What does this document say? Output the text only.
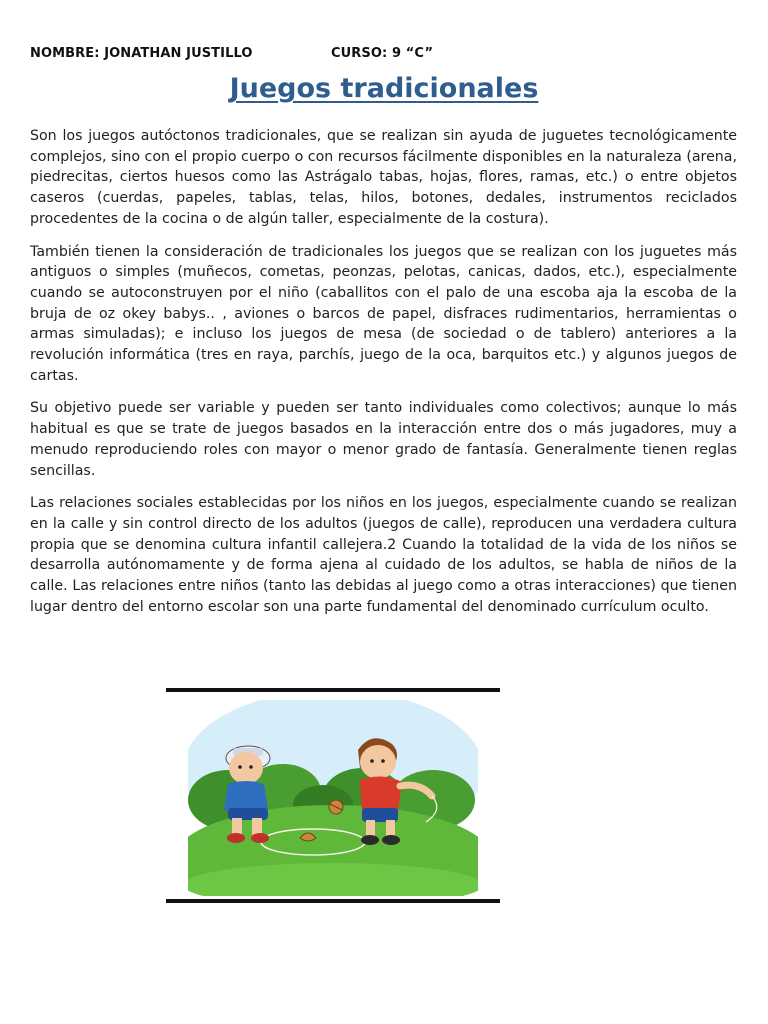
NOMBRE: JONATHAN JUSTILLO	CURSO: 9 “C”
Juegos tradicionales

Son los juegos autóctonos tradicionales, que se realizan sin ayuda de juguetes tecnológicamente complejos, sino con el propio cuerpo o con recursos fácilmente disponibles en la naturaleza (arena, piedrecitas, ciertos huesos como las Astrágalo tabas, hojas, flores, ramas, etc.) o entre objetos caseros (cuerdas, papeles, tablas, telas, hilos, botones, dedales, instrumentos reciclados procedentes de la cocina o de algún taller, especialmente de la costura).

También tienen la consideración de tradicionales los juegos que se realizan con los juguetes más antiguos o simples (muñecos, cometas, peonzas, pelotas, canicas, dados, etc.), especialmente cuando se autoconstruyen por el niño (caballitos con el palo de una escoba aja la escoba de la bruja de oz okey babys.. , aviones o barcos de papel, disfraces rudimentarios, herramientas o armas simuladas); e incluso los juegos de mesa (de sociedad o de tablero) anteriores a la revolución informática (tres en raya, parchís, juego de la oca, barquitos etc.) y algunos juegos de cartas.

Su objetivo puede ser variable y pueden ser tanto individuales como colectivos; aunque lo más habitual es que se trate de juegos basados en la interacción entre dos o más jugadores, muy a menudo reproduciendo roles con mayor o menor grado de fantasía. Generalmente tienen reglas sencillas.

Las relaciones sociales establecidas por los niños en los juegos, especialmente cuando se realizan en la calle y sin control directo de los adultos (juegos de calle), reproducen una verdadera cultura propia que se denomina cultura infantil callejera.2 Cuando la totalidad de la vida de los niños se desarrolla autónomamente y de forma ajena al cuidado de los adultos, se habla de niños de la calle. Las relaciones entre niños (tanto las debidas al juego como a otras interacciones) que tienen lugar dentro del entorno escolar son una parte fundamental del denominado currículum oculto.
